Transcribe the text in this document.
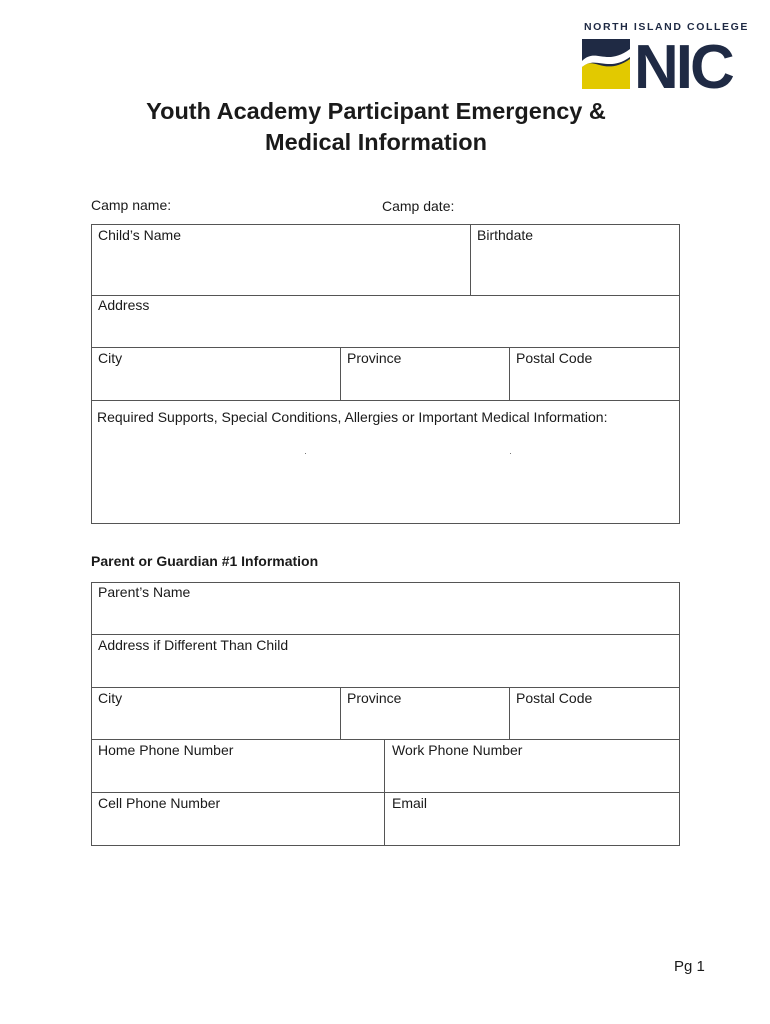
NORTH ISLAND COLLEGE
NIC
Youth Academy Participant Emergency &
Medical Information
Camp name:	Camp date:
Child’s Name	Birthdate
Address
City	Province	Postal Code
Required Supports, Special Conditions, Allergies or Important Medical Information:
Parent or Guardian #1 Information
Parent’s Name
Address if Different Than Child
City	Province	Postal Code
Home Phone Number	Work Phone Number
Cell Phone Number	Email
Pg 1
